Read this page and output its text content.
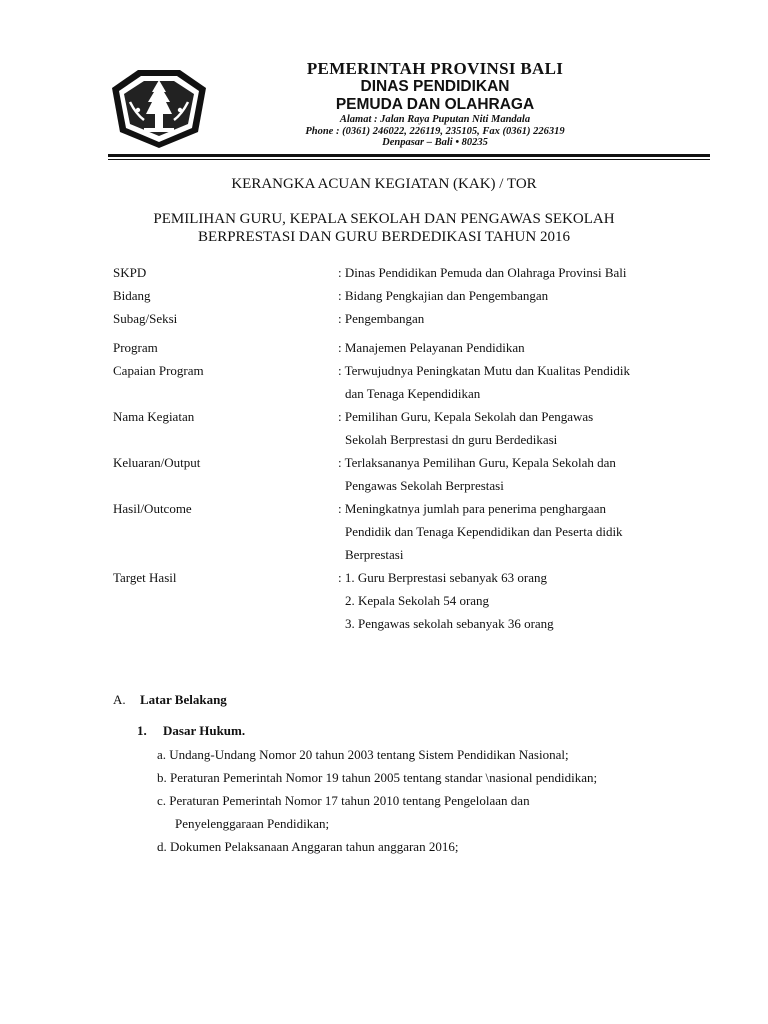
PEMERINTAH PROVINSI BALI
DINAS PENDIDIKAN
PEMUDA DAN OLAHRAGA
Alamat : Jalan Raya Puputan Niti Mandala
Phone : (0361) 246022, 226119, 235105, Fax (0361) 226319
Denpasar – Bali • 80235
KERANGKA ACUAN KEGIATAN (KAK) / TOR
PEMILIHAN GURU, KEPALA SEKOLAH DAN PENGAWAS SEKOLAH
BERPRESTASI DAN GURU BERDEDIKASI TAHUN 2016
SKPD	: Dinas Pendidikan Pemuda dan Olahraga Provinsi Bali
Bidang	: Bidang Pengkajian dan Pengembangan
Subag/Seksi	: Pengembangan
Program	: Manajemen Pelayanan Pendidikan
Capaian Program	: Terwujudnya Peningkatan Mutu dan Kualitas Pendidik
dan Tenaga Kependidikan
Nama Kegiatan	: Pemilihan Guru, Kepala Sekolah dan Pengawas
Sekolah Berprestasi dn guru Berdedikasi
Keluaran/Output	: Terlaksananya Pemilihan Guru, Kepala Sekolah dan
Pengawas Sekolah Berprestasi
Hasil/Outcome	: Meningkatnya jumlah para penerima penghargaan
Pendidik dan Tenaga Kependidikan dan Peserta didik
Berprestasi
Target Hasil	: 1. Guru Berprestasi sebanyak 63 orang
2. Kepala Sekolah 54 orang
3. Pengawas sekolah sebanyak 36 orang
A. Latar Belakang
1. Dasar Hukum.
a. Undang-Undang Nomor 20 tahun 2003 tentang Sistem Pendidikan Nasional;
b. Peraturan Pemerintah Nomor 19 tahun 2005 tentang standar \nasional pendidikan;
c. Peraturan Pemerintah Nomor 17 tahun 2010 tentang Pengelolaan dan
Penyelenggaraan Pendidikan;
d. Dokumen Pelaksanaan Anggaran tahun anggaran 2016;
